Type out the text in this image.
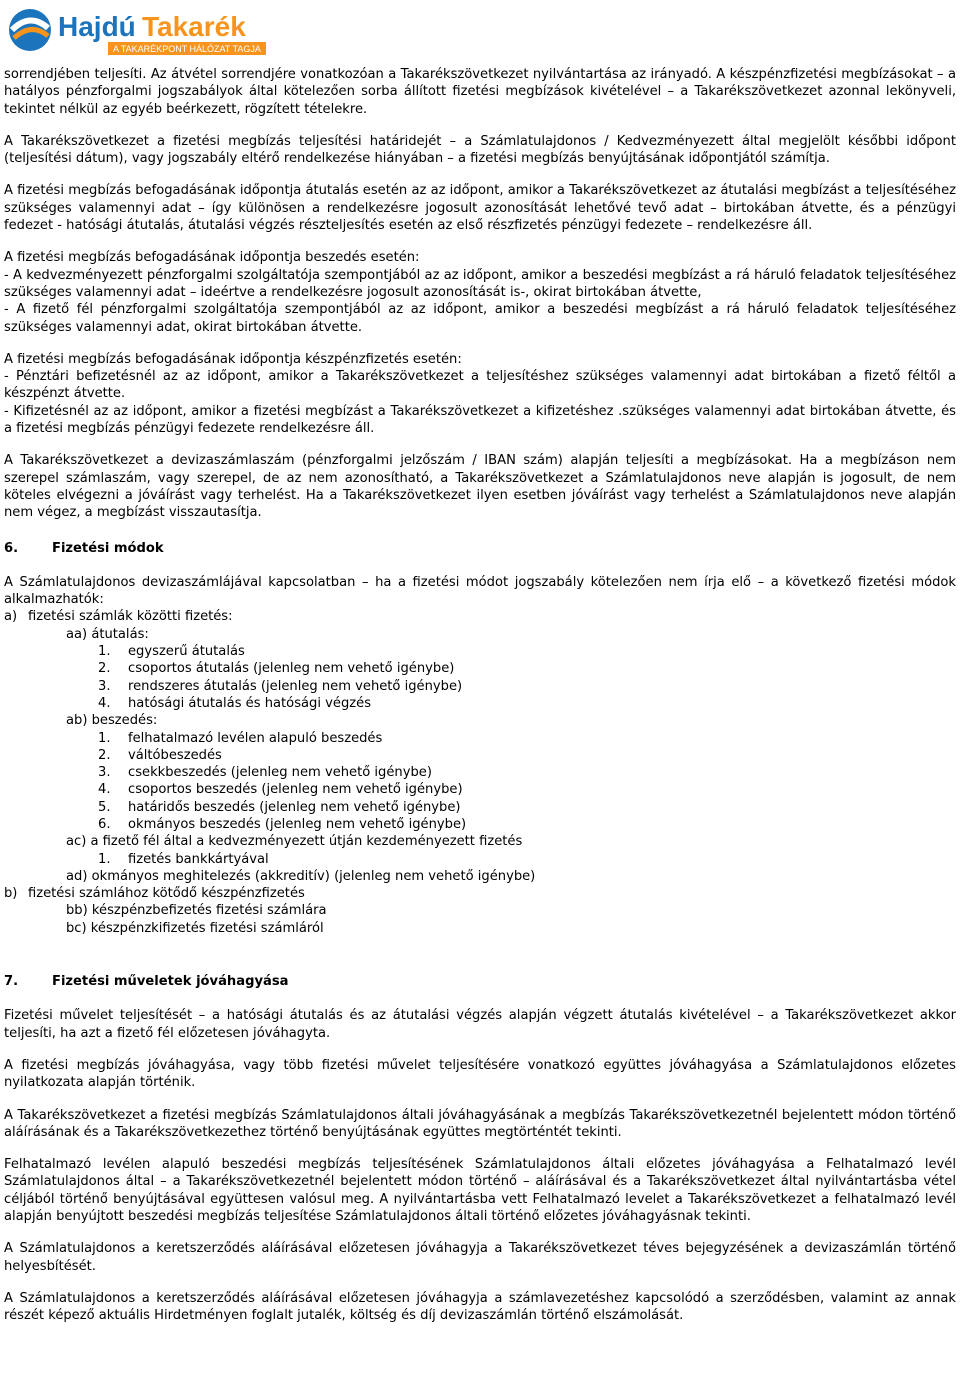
Hajdú Takarék
A TAKARÉKPONT HÁLÓZAT TAGJA

sorrendjében teljesíti. Az átvétel sorrendjére vonatkozóan a Takarékszövetkezet nyilvántartása az irányadó. A készpénzfizetési megbízásokat – a hatályos pénzforgalmi jogszabályok által kötelezően sorba állított fizetési megbízások kivételével – a Takarékszövetkezet azonnal lekönyveli, tekintet nélkül az egyéb beérkezett, rögzített tételekre.

A Takarékszövetkezet a fizetési megbízás teljesítési határidejét – a Számlatulajdonos / Kedvezményezett által megjelölt későbbi időpont (teljesítési dátum), vagy jogszabály eltérő rendelkezése hiányában – a fizetési megbízás benyújtásának időpontjától számítja.

A fizetési megbízás befogadásának időpontja átutalás esetén az az időpont, amikor a Takarékszövetkezet az átutalási megbízást a teljesítéséhez szükséges valamennyi adat – így különösen a rendelkezésre jogosult azonosítását lehetővé tevő adat – birtokában átvette, és a pénzügyi fedezet - hatósági átutalás, átutalási végzés részteljesítés esetén az első részfizetés pénzügyi fedezete – rendelkezésre áll.

A fizetési megbízás befogadásának időpontja beszedés esetén:

- A kedvezményezett pénzforgalmi szolgáltatója szempontjából az az időpont, amikor a beszedési megbízást a rá háruló feladatok teljesítéséhez szükséges valamennyi adat – ideértve a rendelkezésre jogosult azonosítását is-, okirat birtokában átvette,

- A fizető fél pénzforgalmi szolgáltatója szempontjából az az időpont, amikor a beszedési megbízást a rá háruló feladatok teljesítéséhez szükséges valamennyi adat, okirat birtokában átvette.

A fizetési megbízás befogadásának időpontja készpénzfizetés esetén:

- Pénztári befizetésnél az az időpont, amikor a Takarékszövetkezet a teljesítéshez szükséges valamennyi adat birtokában a fizető féltől a készpénzt átvette.

- Kifizetésnél az az időpont, amikor a fizetési megbízást a Takarékszövetkezet a kifizetéshez .szükséges valamennyi adat birtokában átvette, és a fizetési megbízás pénzügyi fedezete rendelkezésre áll.

A Takarékszövetkezet a devizaszámlaszám (pénzforgalmi jelzőszám / IBAN szám) alapján teljesíti a megbízásokat. Ha a megbízáson nem szerepel számlaszám, vagy szerepel, de az nem azonosítható, a Takarékszövetkezet a Számlatulajdonos neve alapján is jogosult, de nem köteles elvégezni a jóváírást vagy terhelést. Ha a Takarékszövetkezet ilyen esetben jóváírást vagy terhelést a Számlatulajdonos neve alapján nem végez, a megbízást visszautasítja.

6.	Fizetési módok

A Számlatulajdonos devizaszámlájával kapcsolatban – ha a fizetési módot jogszabály kötelezően nem írja elő – a következő fizetési módok alkalmazhatók:

a) fizetési számlák közötti fizetés:
aa) átutalás:
1. egyszerű átutalás
2. csoportos átutalás (jelenleg nem vehető igénybe)
3. rendszeres átutalás (jelenleg nem vehető igénybe)
4. hatósági átutalás és hatósági végzés
ab) beszedés:
1. felhatalmazó levélen alapuló beszedés
2. váltóbeszedés
3. csekkbeszedés (jelenleg nem vehető igénybe)
4. csoportos beszedés (jelenleg nem vehető igénybe)
5. határidős beszedés (jelenleg nem vehető igénybe)
6. okmányos beszedés (jelenleg nem vehető igénybe)
ac) a fizető fél által a kedvezményezett útján kezdeményezett fizetés
1. fizetés bankkártyával
ad) okmányos meghitelezés (akkreditív) (jelenleg nem vehető igénybe)
b) fizetési számlához kötődő készpénzfizetés
bb) készpénzbefizetés fizetési számlára
bc) készpénzkifizetés fizetési számláról
7.	Fizetési műveletek jóváhagyása

Fizetési művelet teljesítését – a hatósági átutalás és az átutalási végzés alapján végzett átutalás kivételével – a Takarékszövetkezet akkor teljesíti, ha azt a fizető fél előzetesen jóváhagyta.

A fizetési megbízás jóváhagyása, vagy több fizetési művelet teljesítésére vonatkozó együttes jóváhagyása a Számlatulajdonos előzetes nyilatkozata alapján történik.

A Takarékszövetkezet a fizetési megbízás Számlatulajdonos általi jóváhagyásának a megbízás Takarékszövetkezetnél bejelentett módon történő aláírásának és a Takarékszövetkezethez történő benyújtásának együttes megtörténtét tekinti.

Felhatalmazó levélen alapuló beszedési megbízás teljesítésének Számlatulajdonos általi előzetes jóváhagyása a Felhatalmazó levél Számlatulajdonos által – a Takarékszövetkezetnél bejelentett módon történő – aláírásával és a Takarékszövetkezet által nyilvántartásba vétel céljából történő benyújtásával együttesen valósul meg. A nyilvántartásba vett Felhatalmazó levelet a Takarékszövetkezet a felhatalmazó levél alapján benyújtott beszedési megbízás teljesítése Számlatulajdonos általi történő előzetes jóváhagyásnak tekinti.

A Számlatulajdonos a keretszerződés aláírásával előzetesen jóváhagyja a Takarékszövetkezet téves bejegyzésének a devizaszámlán történő helyesbítését.

A Számlatulajdonos a keretszerződés aláírásával előzetesen jóváhagyja a számlavezetéshez kapcsolódó a szerződésben, valamint az annak részét képező aktuális Hirdetményen foglalt jutalék, költség és díj devizaszámlán történő elszámolását.
